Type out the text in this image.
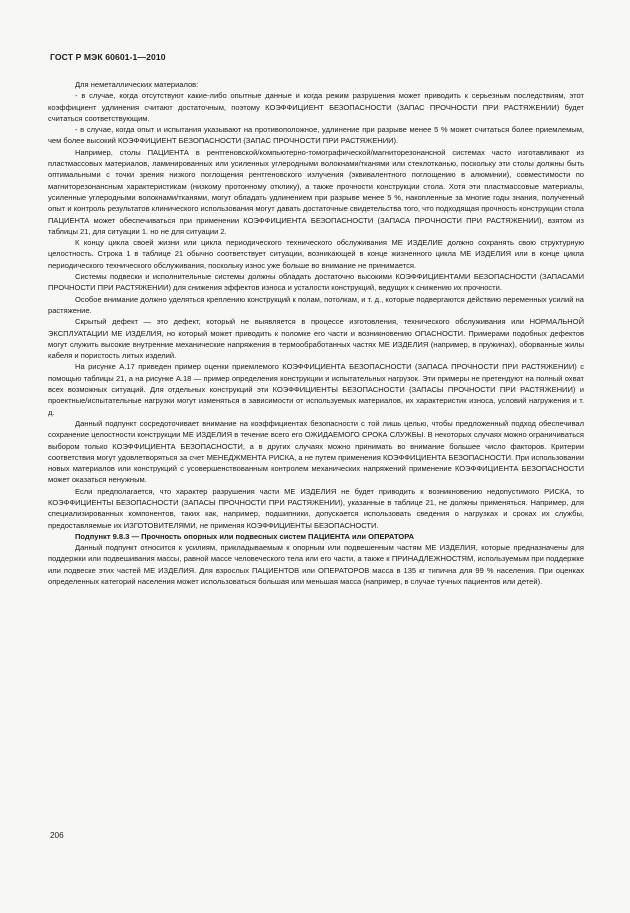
ГОСТ Р МЭК 60601-1—2010

Для неметаллических материалов:

- в случае, когда отсутствуют какие-либо опытные данные и когда режим разрушения может приводить к серьезным последствиям, этот коэффициент удлинения считают достаточным, поэтому КОЭФФИЦИЕНТ БЕЗОПАСНОСТИ (ЗАПАС ПРОЧНОСТИ ПРИ РАСТЯЖЕНИИ) будет считаться соответствующим.

- в случае, когда опыт и испытания указывают на противоположное, удлинение при разрыве менее 5 % может считаться более приемлемым, чем более высокий КОЭФФИЦИЕНТ БЕЗОПАСНОСТИ (ЗАПАС ПРОЧНОСТИ ПРИ РАСТЯЖЕНИИ).

Например, столы ПАЦИЕНТА в рентгеновской/компьютерно-томографической/магниторезонансной системах часто изготавливают из пластмассовых материалов, ламинированных или усиленных углеродными волокнами/тканями или стеклотканью, поскольку эти столы должны быть оптимальными с точки зрения низкого поглощения рентгеновского излучения (эквивалентного поглощению в алюминии), совместимости по магниторезонансным характеристикам (низкому протонному отклику), а также прочности конструкции стола. Хотя эти пластмассовые материалы, усиленные углеродными волокнами/тканями, могут обладать удлинением при разрыве менее 5 %, накопленные за многие годы знания, полученный опыт и контроль результатов клинического использования могут давать достаточные свидетельства того, что подходящая прочность конструкции стола ПАЦИЕНТА может обеспечиваться при применении КОЭФФИЦИЕНТА БЕЗОПАСНОСТИ (ЗАПАСА ПРОЧНОСТИ ПРИ РАСТЯЖЕНИИ), взятом из таблицы 21, для ситуации 1. но не для ситуации 2.

К концу цикла своей жизни или цикла периодического технического обслуживания МЕ ИЗДЕЛИЕ должно сохранять свою структурную целостность. Строка 1 в таблице 21 обычно соответствует ситуации, возникающей в конце жизненного цикла МЕ ИЗДЕЛИЯ или в конце цикла периодического технического обслуживания, поскольку износ уже больше во внимание не принимается.

Системы подвески и исполнительные системы должны обладать достаточно высокими КОЭФФИЦИЕНТАМИ БЕЗОПАСНОСТИ (ЗАПАСАМИ ПРОЧНОСТИ ПРИ РАСТЯЖЕНИИ) для снижения эффектов износа и усталости конструкций, ведущих к снижению их прочности.

Особое внимание должно уделяться креплению конструкций к полам, потолкам, и т. д., которые подвергаются действию переменных усилий на растяжение.

Скрытый дефект — это дефект, который не выявляется в процессе изготовления, технического обслуживания или НОРМАЛЬНОЙ ЭКСПЛУАТАЦИИ МЕ ИЗДЕЛИЯ, но который может приводить к поломке его части и возникновению ОПАСНОСТИ. Примерами подобных дефектов могут служить высокие внутренние механические напряжения в термообработанных частях МЕ ИЗДЕЛИЯ (например, в пружинах), оборванные жилы кабеля и пористость литых изделий.

На рисунке А.17 приведен пример оценки приемлемого КОЭФФИЦИЕНТА БЕЗОПАСНОСТИ (ЗАПАСА ПРОЧНОСТИ ПРИ РАСТЯЖЕНИИ) с помощью таблицы 21, а на рисунке А.18 — пример определения конструкции и испытательных нагрузок. Эти примеры не претендуют на полный охват всех возможных ситуаций. Для отдельных конструкций эти КОЭФФИЦИЕНТЫ БЕЗОПАСНОСТИ (ЗАПАСЫ ПРОЧНОСТИ ПРИ РАСТЯЖЕНИИ) и проектные/испытательные нагрузки могут изменяться в зависимости от используемых материалов, их характеристик износа, условий нагружения и т. д.

Данный подпункт сосредоточивает внимание на коэффициентах безопасности с той лишь целью, чтобы предложенный подход обеспечивал сохранение целостности конструкции МЕ ИЗДЕЛИЯ в течение всего его ОЖИДАЕМОГО СРОКА СЛУЖБЫ. В некоторых случаях можно ограничиваться выбором только КОЭФФИЦИЕНТА БЕЗОПАСНОСТИ, а в других случаях можно принимать во внимание большее число факторов. Критерии соответствия могут удовлетворяться за счет МЕНЕДЖМЕНТА РИСКА, а не путем применения КОЭФФИЦИЕНТА БЕЗОПАСНОСТИ. При использовании новых материалов или конструкций с усовершенствованным контролем механических напряжений применение КОЭФФИЦИЕНТА БЕЗОПАСНОСТИ может оказаться ненужным.

Если предполагается, что характер разрушения части МЕ ИЗДЕЛИЯ не будет приводить к возникновению недопустимого РИСКА, то КОЭФФИЦИЕНТЫ БЕЗОПАСНОСТИ (ЗАПАСЫ ПРОЧНОСТИ ПРИ РАСТЯЖЕНИИ), указанные в таблице 21, не должны применяться. Например, для специализированных компонентов, таких как, например, подшипники, допускается использовать сведения о нагрузках и сроках их службы, предоставляемые их ИЗГОТОВИТЕЛЯМИ, не применяя КОЭФФИЦИЕНТЫ БЕЗОПАСНОСТИ.

Подпункт 9.8.3 — Прочность опорных или подвесных систем ПАЦИЕНТА или ОПЕРАТОРА

Данный подпункт относится к усилиям, прикладываемым к опорным или подвешенным частям МЕ ИЗДЕЛИЯ, которые предназначены для поддержки или подвешивания массы, равной массе человеческого тела или его части, а также к ПРИНАДЛЕЖНОСТЯМ, используемым при поддержке или подвеске этих частей МЕ ИЗДЕЛИЯ. Для взрослых ПАЦИЕНТОВ или ОПЕРАТОРОВ масса в 135 кг типична для 99 % населения. При оценках определенных категорий населения может использоваться большая или меньшая масса (например, в случае тучных пациентов или детей).

206
